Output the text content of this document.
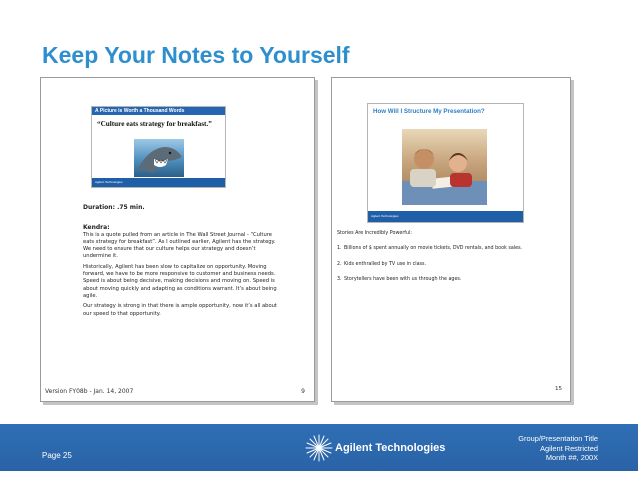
Keep Your Notes to Yourself
A Picture is Worth a Thousand Words
“Culture eats strategy for breakfast.”
Agilent Technologies
Duration: .75 min.
Kendra:

This is a quote pulled from an article in The Wall Street Journal - “Culture eats strategy for breakfast”. As I outlined earlier, Agilent has the strategy. We need to ensure that our culture helps our strategy and doesn’t undermine it.

Historically, Agilent has been slow to capitalize on opportunity. Moving forward, we have to be more responsive to customer and business needs. Speed is about being decisive, making decisions and moving on. Speed is about moving quickly and adapting as conditions warrant. It’s about being agile.

Our strategy is strong in that there is ample opportunity, now it’s all about our speed to that opportunity.

Version FY08b - Jan. 14, 2007	9
How Will I Structure My Presentation?
Agilent Technologies
Stories Are Incredibly Powerful:
1. Billions of $ spent annually on movie tickets, DVD rentals, and book sales.
2. Kids enthralled by TV use in class.
3. Storytellers have been with us through the ages.
15
Page 25
Agilent Technologies
Group/Presentation Title
Agilent Restricted
Month ##, 200X
